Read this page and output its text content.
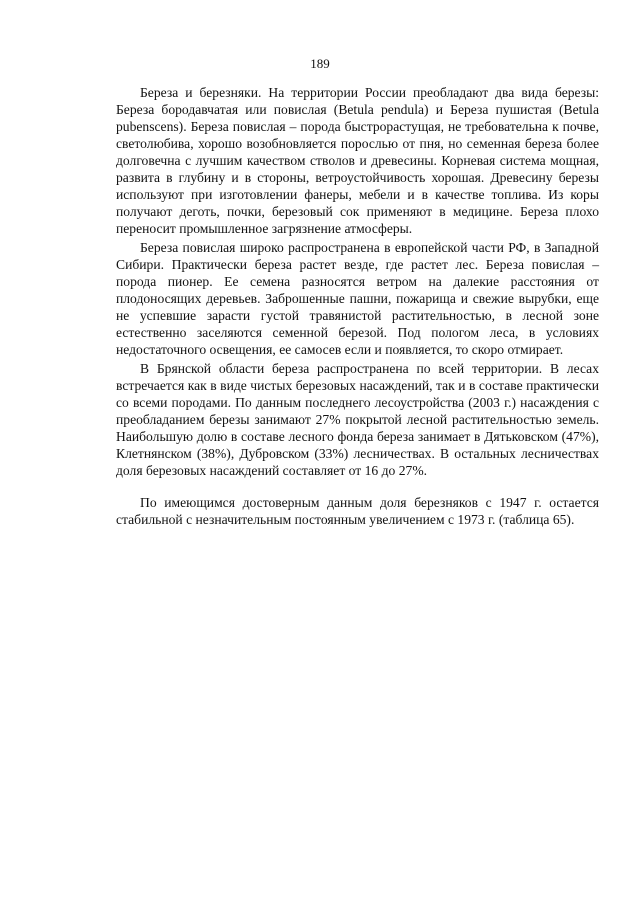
189

Береза и березняки. На территории России преобладают два вида березы: Береза бородавчатая или повислая (Betula pendula) и Береза пушистая (Betula pubenscens). Береза повислая – порода быстрорастущая, не требовательна к почве, светолюбива, хорошо возобновляется порослью от пня, но семенная береза более долговечна с лучшим качеством стволов и древесины. Корневая система мощная, развита в глубину и в стороны, ветроустойчивость хорошая. Древесину березы используют при изготовлении фанеры, мебели и в качестве топлива. Из коры получают деготь, почки, березовый сок применяют в медицине. Береза плохо переносит промышленное загрязнение атмосферы.

Береза повислая широко распространена в европейской части РФ, в Западной Сибири. Практически береза растет везде, где растет лес. Береза повислая – порода пионер. Ее семена разносятся ветром на далекие расстояния от плодоносящих деревьев. Заброшенные пашни, пожарища и свежие вырубки, еще не успевшие зарасти густой травянистой растительностью, в лесной зоне естественно заселяются семенной березой. Под пологом леса, в условиях недостаточного освещения, ее самосев если и появляется, то скоро отмирает.

В Брянской области береза распространена по всей территории. В лесах встречается как в виде чистых березовых насаждений, так и в составе практически со всеми породами. По данным последнего лесоустройства (2003 г.) насаждения с преобладанием березы занимают 27% покрытой лесной растительностью земель. Наибольшую долю в составе лесного фонда береза занимает в Дятьковском (47%), Клетнянском (38%), Дубровском (33%) лесничествах. В остальных лесничествах доля березовых насаждений составляет от 16 до 27%.

По имеющимся достоверным данным доля березняков с 1947 г. остается стабильной с незначительным постоянным увеличением с 1973 г. (таблица 65).
